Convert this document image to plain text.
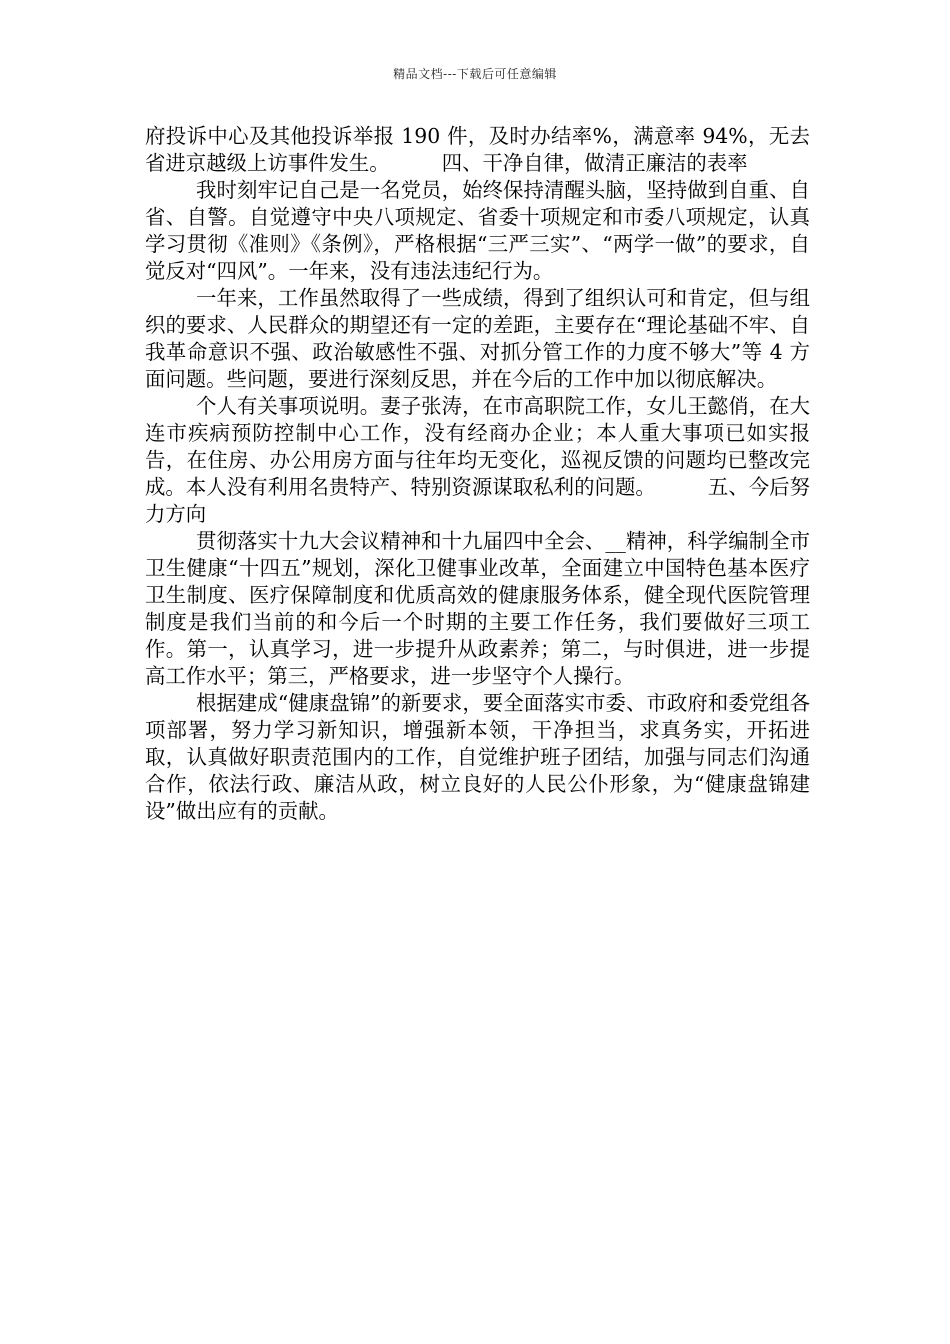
精品文档---下载后可任意编辑

府投诉中心及其他投诉举报 190 件，及时办结率%，满意率 94%，无去省进京越级上访事件发生。	四、干净自律，做清正廉洁的表率

我时刻牢记自己是一名党员，始终保持清醒头脑，坚持做到自重、自省、自警。自觉遵守中央八项规定、省委十项规定和市委八项规定，认真学习贯彻《准则》《条例》，严格根据“三严三实”、“两学一做”的要求，自觉反对“四风”。一年来，没有违法违纪行为。

一年来，工作虽然取得了一些成绩，得到了组织认可和肯定，但与组织的要求、人民群众的期望还有一定的差距，主要存在“理论基础不牢、自我革命意识不强、政治敏感性不强、对抓分管工作的力度不够大”等 4 方面问题。些问题，要进行深刻反思，并在今后的工作中加以彻底解决。

个人有关事项说明。妻子张涛，在市高职院工作，女儿王懿俏，在大连市疾病预防控制中心工作，没有经商办企业；本人重大事项已如实报告，在住房、办公用房方面与往年均无变化，巡视反馈的问题均已整改完成。本人没有利用名贵特产、特别资源谋取私利的问题。	五、今后努力方向

贯彻落实十九大会议精神和十九届四中全会、__精神，科学编制全市卫生健康“十四五”规划，深化卫健事业改革，全面建立中国特色基本医疗卫生制度、医疗保障制度和优质高效的健康服务体系，健全现代医院管理制度是我们当前的和今后一个时期的主要工作任务，我们要做好三项工作。第一，认真学习，进一步提升从政素养；第二，与时俱进，进一步提高工作水平；第三，严格要求，进一步坚守个人操行。

根据建成“健康盘锦”的新要求，要全面落实市委、市政府和委党组各项部署，努力学习新知识，增强新本领，干净担当，求真务实，开拓进取，认真做好职责范围内的工作，自觉维护班子团结，加强与同志们沟通合作，依法行政、廉洁从政，树立良好的人民公仆形象，为“健康盘锦建设”做出应有的贡献。
